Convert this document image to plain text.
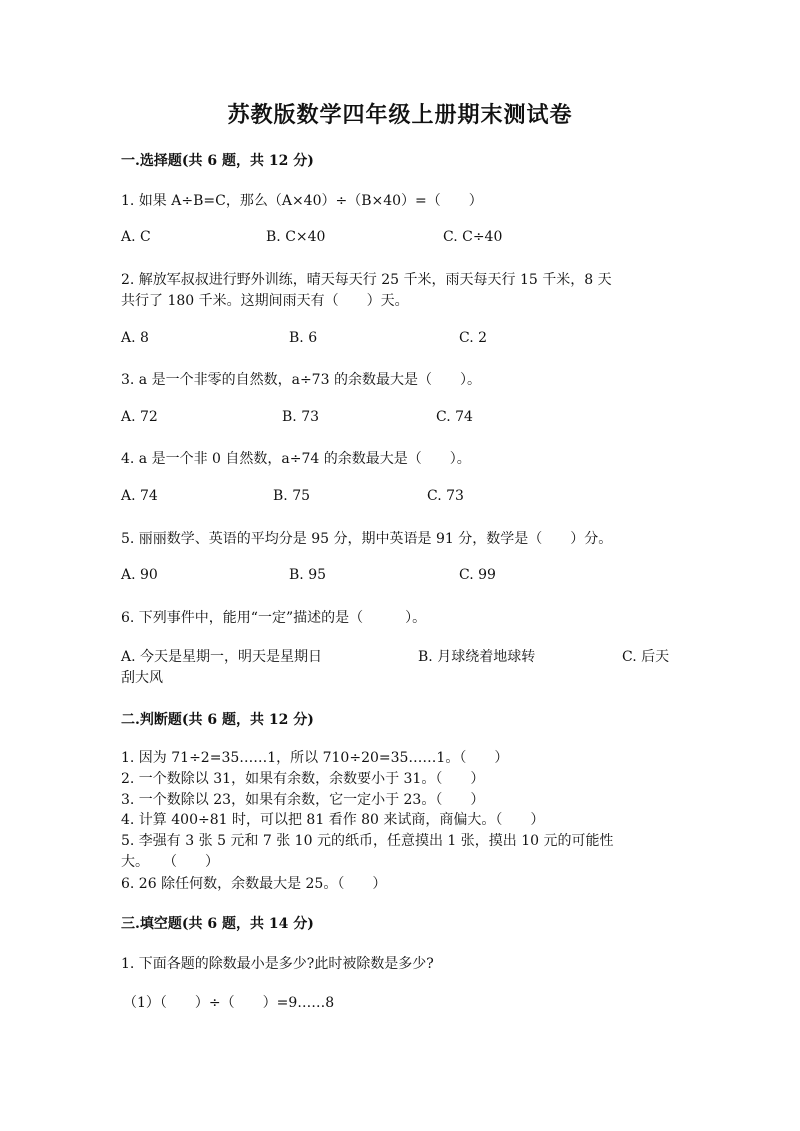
苏教版数学四年级上册期末测试卷
一.选择题(共 6 题，共 12 分)
1. 如果 A÷B=C，那么（A×40）÷（B×40）=（　　）
A. C	B. C×40	C. C÷40
2. 解放军叔叔进行野外训练，晴天每天行 25 千米，雨天每天行 15 千米，8 天
共行了 180 千米。这期间雨天有（　　）天。
A. 8	B. 6	C. 2
3. a 是一个非零的自然数，a÷73 的余数最大是（　　）。
A. 72	B. 73	C. 74
4. a 是一个非 0 自然数，a÷74 的余数最大是（　　）。
A. 74	B. 75	C. 73
5. 丽丽数学、英语的平均分是 95 分，期中英语是 91 分，数学是（　　）分。
A. 90	B. 95	C. 99
6. 下列事件中，能用“一定”描述的是（　　　）。
A. 今天是星期一，明天是星期日	B. 月球绕着地球转	C. 后天
刮大风
二.判断题(共 6 题，共 12 分)
1. 因为 71÷2=35……1，所以 710÷20=35……1。（　　）
2. 一个数除以 31，如果有余数，余数要小于 31。（　　）
3. 一个数除以 23，如果有余数，它一定小于 23。（　　）
4. 计算 400÷81 时，可以把 81 看作 80 来试商，商偏大。（　　）
5. 李强有 3 张 5 元和 7 张 10 元的纸币，任意摸出 1 张，摸出 10 元的可能性
大。　　（　　）
6. 26 除任何数，余数最大是 25。（　　）
三.填空题(共 6 题，共 14 分)
1. 下面各题的除数最小是多少?此时被除数是多少?
（1）（　　）÷（　　）=9……8
